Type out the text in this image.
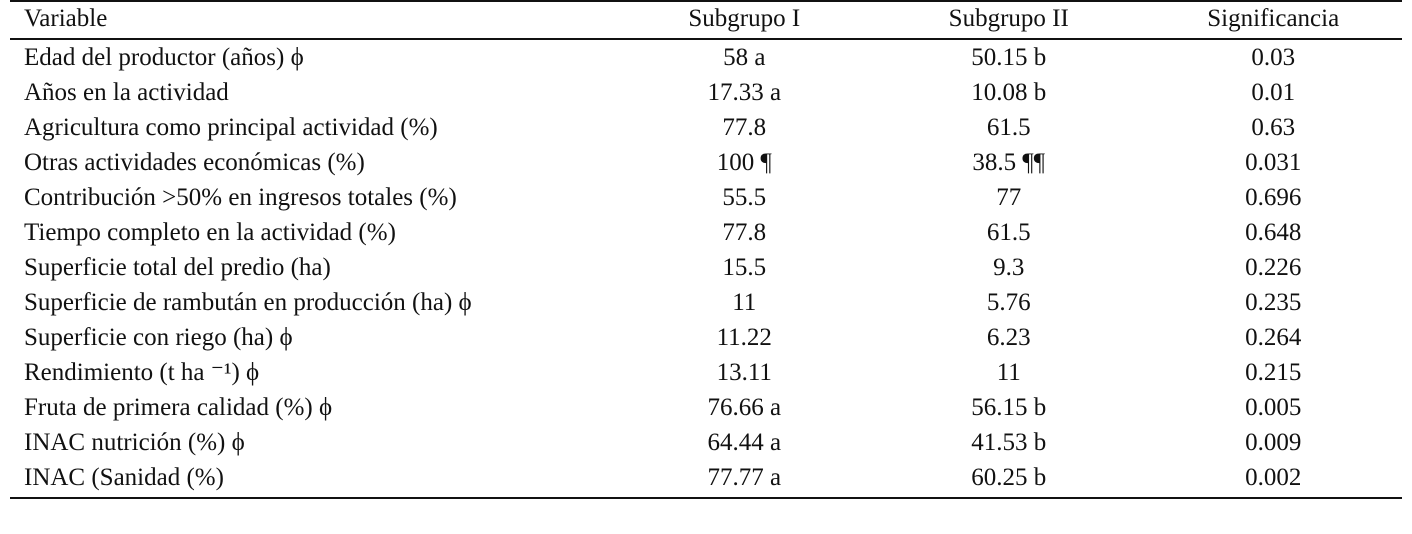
Variable	Subgrupo I	Subgrupo II	Significancia
Edad del productor (años) ϕ	58 a	50.15 b	0.03
Años en la actividad	17.33 a	10.08 b	0.01
Agricultura como principal actividad (%)	77.8	61.5	0.63
Otras actividades económicas (%)	100 ¶	38.5 ¶¶	0.031
Contribución >50% en ingresos totales (%)	55.5	77	0.696
Tiempo completo en la actividad (%)	77.8	61.5	0.648
Superficie total del predio (ha)	15.5	9.3	0.226
Superficie de rambután en producción (ha) ϕ	11	5.76	0.235
Superficie con riego (ha) ϕ	11.22	6.23	0.264
Rendimiento (t ha ⁻¹) ϕ	13.11	11	0.215
Fruta de primera calidad (%) ϕ	76.66 a	56.15 b	0.005
INAC nutrición (%) ϕ	64.44 a	41.53 b	0.009
INAC (Sanidad (%)	77.77 a	60.25 b	0.002
